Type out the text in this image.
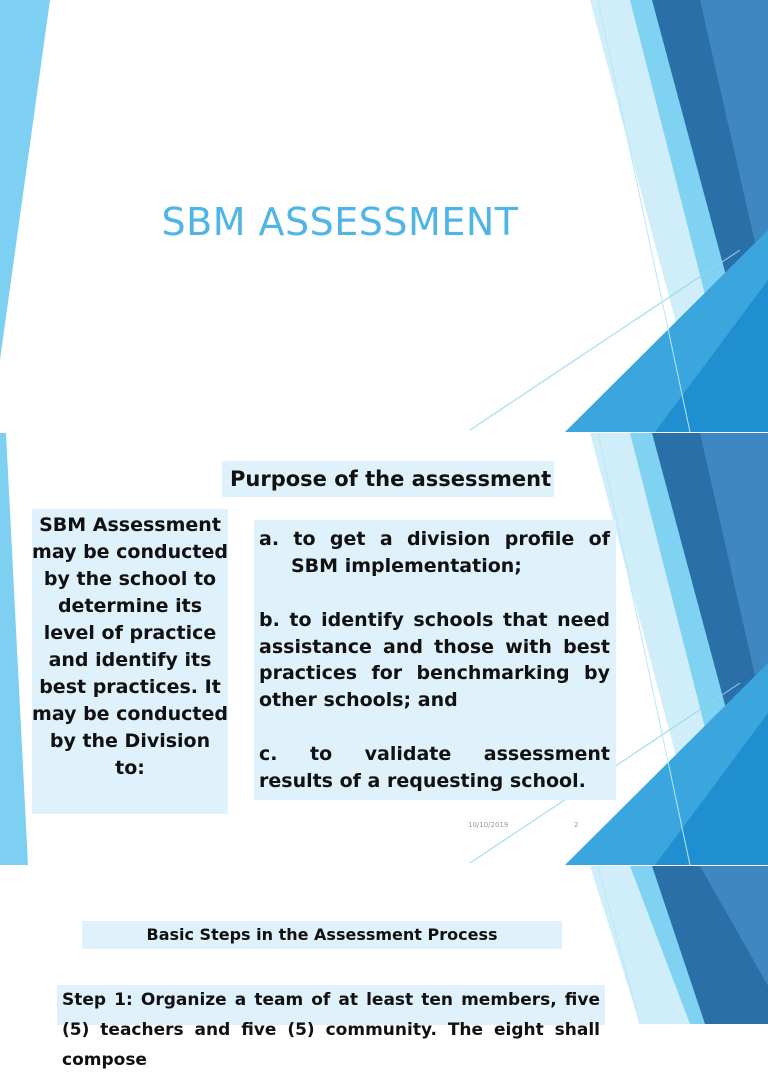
SBM ASSESSMENT
Purpose of the assessment
SBM Assessment may be conducted by the school to determine its level of practice and identify its best practices. It may be conducted by the Division to:

a. to get a division profile of SBM implementation;

b. to identify schools that need assistance and those with best practices for benchmarking by other schools; and

c. to validate assessment results of a requesting school.

10/10/2019	2
Basic Steps in the Assessment Process
Step 1: Organize a team of at least ten members, five (5) teachers and five (5) community. The eight shall compose
